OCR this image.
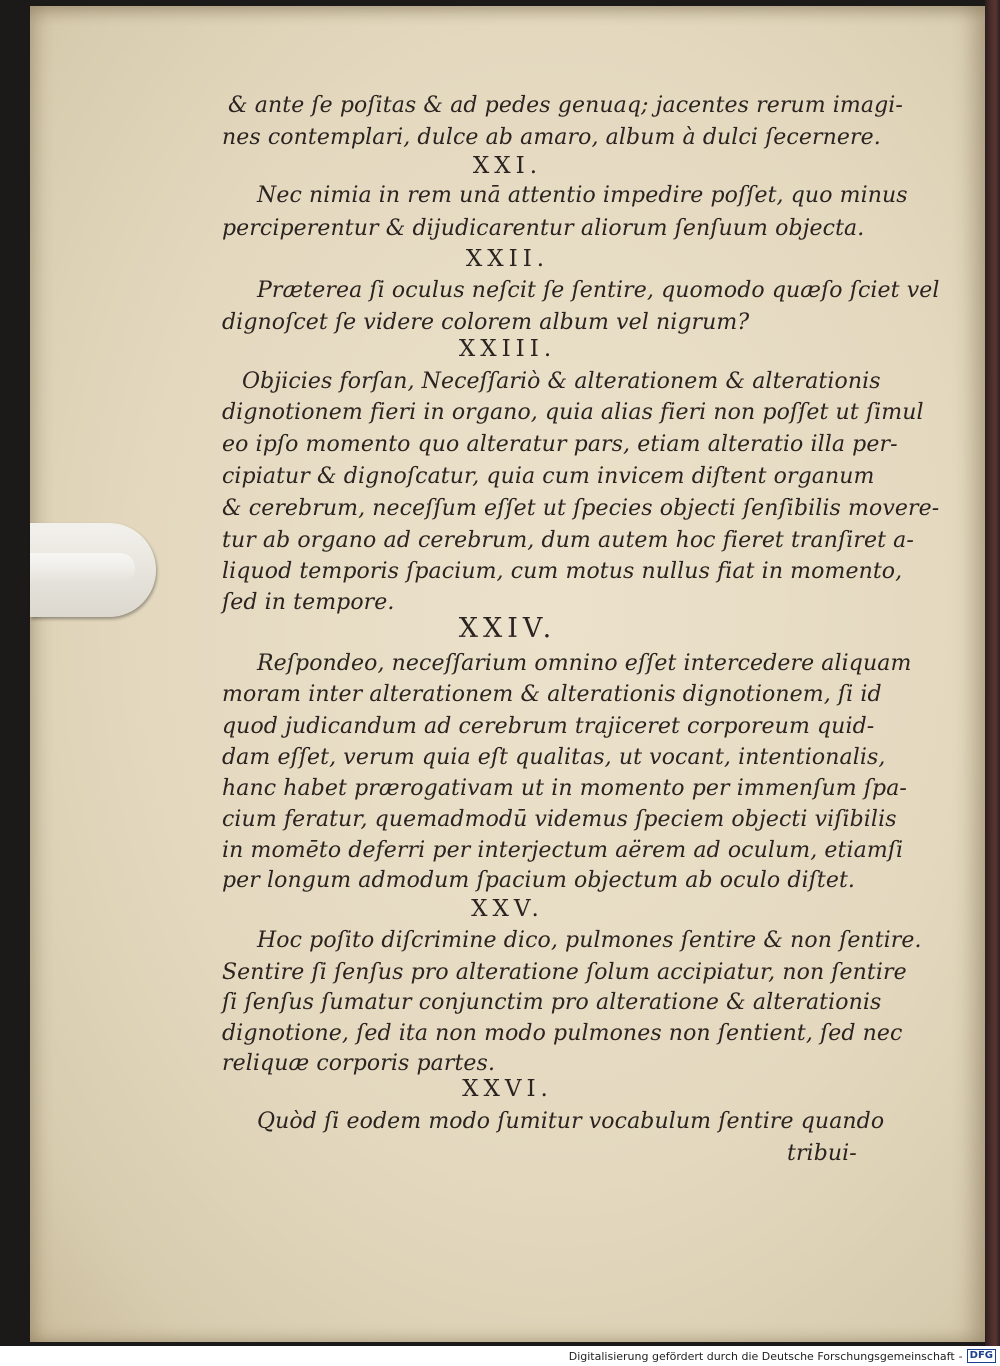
& ante ſe poſitas & ad pedes genuaq; jacentes rerum imagi-
nes contemplari, dulce ab amaro, album à dulci ſecernere.
XXI.
Nec nimia in rem unā attentio impedire poſſet, quo minus
perciperentur & dijudicarentur aliorum ſenſuum objecta.
XXII.
Præterea ſi oculus neſcit ſe ſentire, quomodo quæſo ſciet vel
dignoſcet ſe videre colorem album vel nigrum?
XXIII.
Objicies forſan, Neceſſariò & alterationem & alterationis
dignotionem fieri in organo, quia alias fieri non poſſet ut ſimul
eo ipſo momento quo alteratur pars, etiam alteratio illa per-
cipiatur & dignoſcatur, quia cum invicem diſtent organum
& cerebrum, neceſſum eſſet ut ſpecies objecti ſenſibilis movere-
tur ab organo ad cerebrum, dum autem hoc fieret tranſiret a-
liquod temporis ſpacium, cum motus nullus fiat in momento,
ſed in tempore.
XXIV.
Reſpondeo, neceſſarium omnino eſſet intercedere aliquam
moram inter alterationem & alterationis dignotionem, ſi id
quod judicandum ad cerebrum trajiceret corporeum quid-
dam eſſet, verum quia eſt qualitas, ut vocant, intentionalis,
hanc habet prærogativam ut in momento per immenſum ſpa-
cium feratur, quemadmodū videmus ſpeciem objecti viſibilis
in momēto deferri per interjectum aërem ad oculum, etiamſi
per longum admodum ſpacium objectum ab oculo diſtet.
XXV.
Hoc poſito diſcrimine dico, pulmones ſentire & non ſentire.
Sentire ſi ſenſus pro alteratione ſolum accipiatur, non ſentire
ſi ſenſus ſumatur conjunctim pro alteratione & alterationis
dignotione, ſed ita non modo pulmones non ſentient, ſed nec
reliquæ corporis partes.
XXVI.
Quòd ſi eodem modo ſumitur vocabulum ſentire quando
tribui-
Digitalisierung gefördert durch die Deutsche Forschungsgemeinschaft - DFG
